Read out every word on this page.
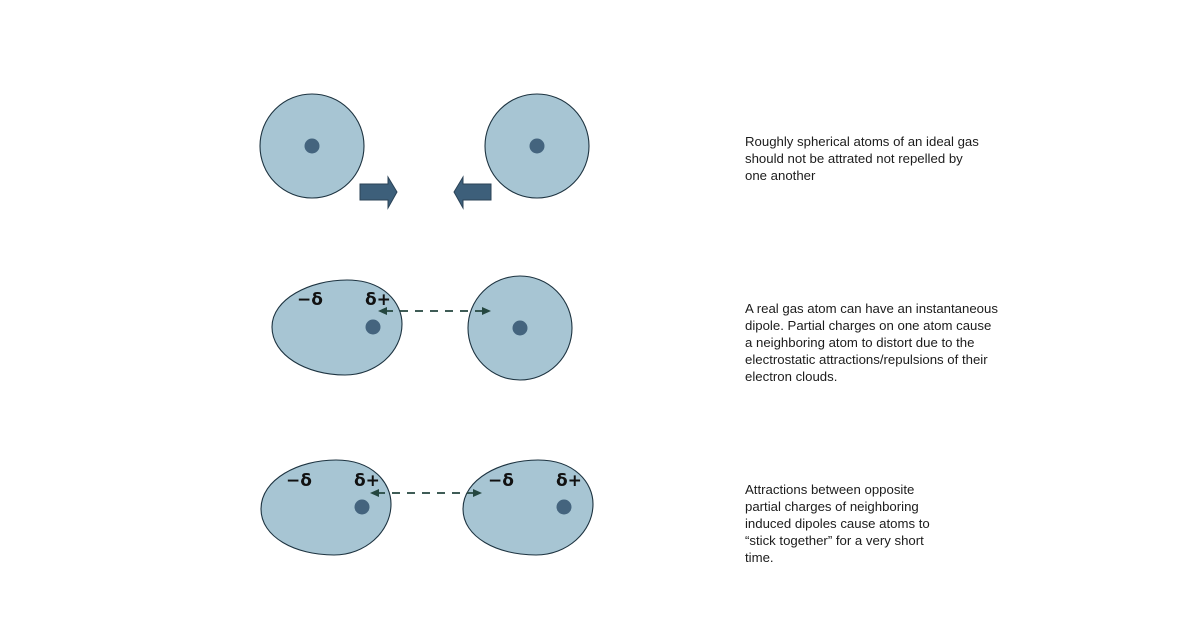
−δ δ+
−δ δ+	−δ δ+

Roughly spherical atoms of an ideal gas
should not be attrated not repelled by
one another

A real gas atom can have an instantaneous
dipole. Partial charges on one atom cause
a neighboring atom to distort due to the
electrostatic attractions/repulsions of their
electron clouds.

Attractions between opposite
partial charges of neighboring
induced dipoles cause atoms to
“stick together” for a very short
time.
